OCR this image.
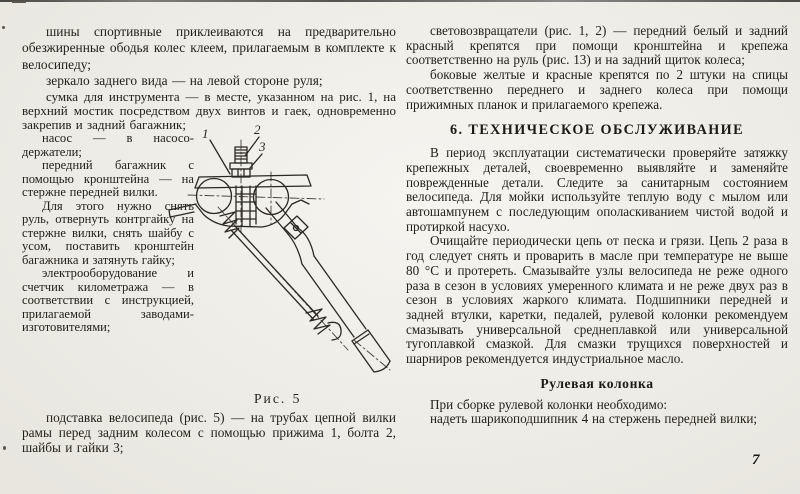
шины спортивные приклеиваются на предварительно обезжиренные ободья колес клеем, прилагаемым в комплекте к велосипеду;

зеркало заднего вида — на левой стороне руля;

сумка для инструмента — в месте, указанном на рис. 1, на верхний мостик посредством двух винтов
1	2
3
Рис. 5
и гаек, одновременно закрепив и задний багажник;

насос — в насосо-держатели;

передний багажник с помощью кронштейна — на стержне передней вилки.

Для этого нужно снять руль, отвернуть контргайку на стержне вилки, снять шайбу с усом, поставить кронштейн багажника и затянуть гайку;

электрооборудование и счетчик километража — в соответствии с инструкцией, прилагаемой заводами-изготовителями;

подставка велосипеда (рис. 5) — на трубах цепной вилки рамы перед задним колесом с помощью прижима 1, болта 2, шайбы и гайки 3;

световозвращатели (рис. 1, 2) — передний белый и задний красный крепятся при помощи кронштейна и крепежа соответственно на руль (рис. 13) и на задний щиток колеса;

боковые желтые и красные крепятся по 2 штуки на спицы соответственно переднего и заднего колеса при помощи прижимных планок и прилагаемого крепежа.

6. ТЕХНИЧЕСКОЕ ОБСЛУЖИВАНИЕ

В период эксплуатации систематически проверяйте затяжку крепежных деталей, своевременно выявляйте и заменяйте поврежденные детали. Следите за санитарным состоянием велосипеда. Для мойки используйте теплую воду с мылом или автошампунем с последующим ополаскиванием чистой водой и протиркой насухо.

Очищайте периодически цепь от песка и грязи. Цепь 2 раза в год следует снять и проварить в масле при температуре не выше 80 °С и протереть. Смазывайте узлы велосипеда не реже одного раза в сезон в условиях умеренного климата и не реже двух раз в сезон в условиях жаркого климата. Подшипники передней и задней втулки, каретки, педалей, рулевой колонки рекомендуем смазывать универсальной среднеплавкой или универсальной тугоплавкой смазкой. Для смазки трущихся поверхностей и шарниров рекомендуется индустриальное масло.

Рулевая колонка

При сборке рулевой колонки необходимо:

надеть шарикоподшипник 4 на стержень передней вилки;

7
